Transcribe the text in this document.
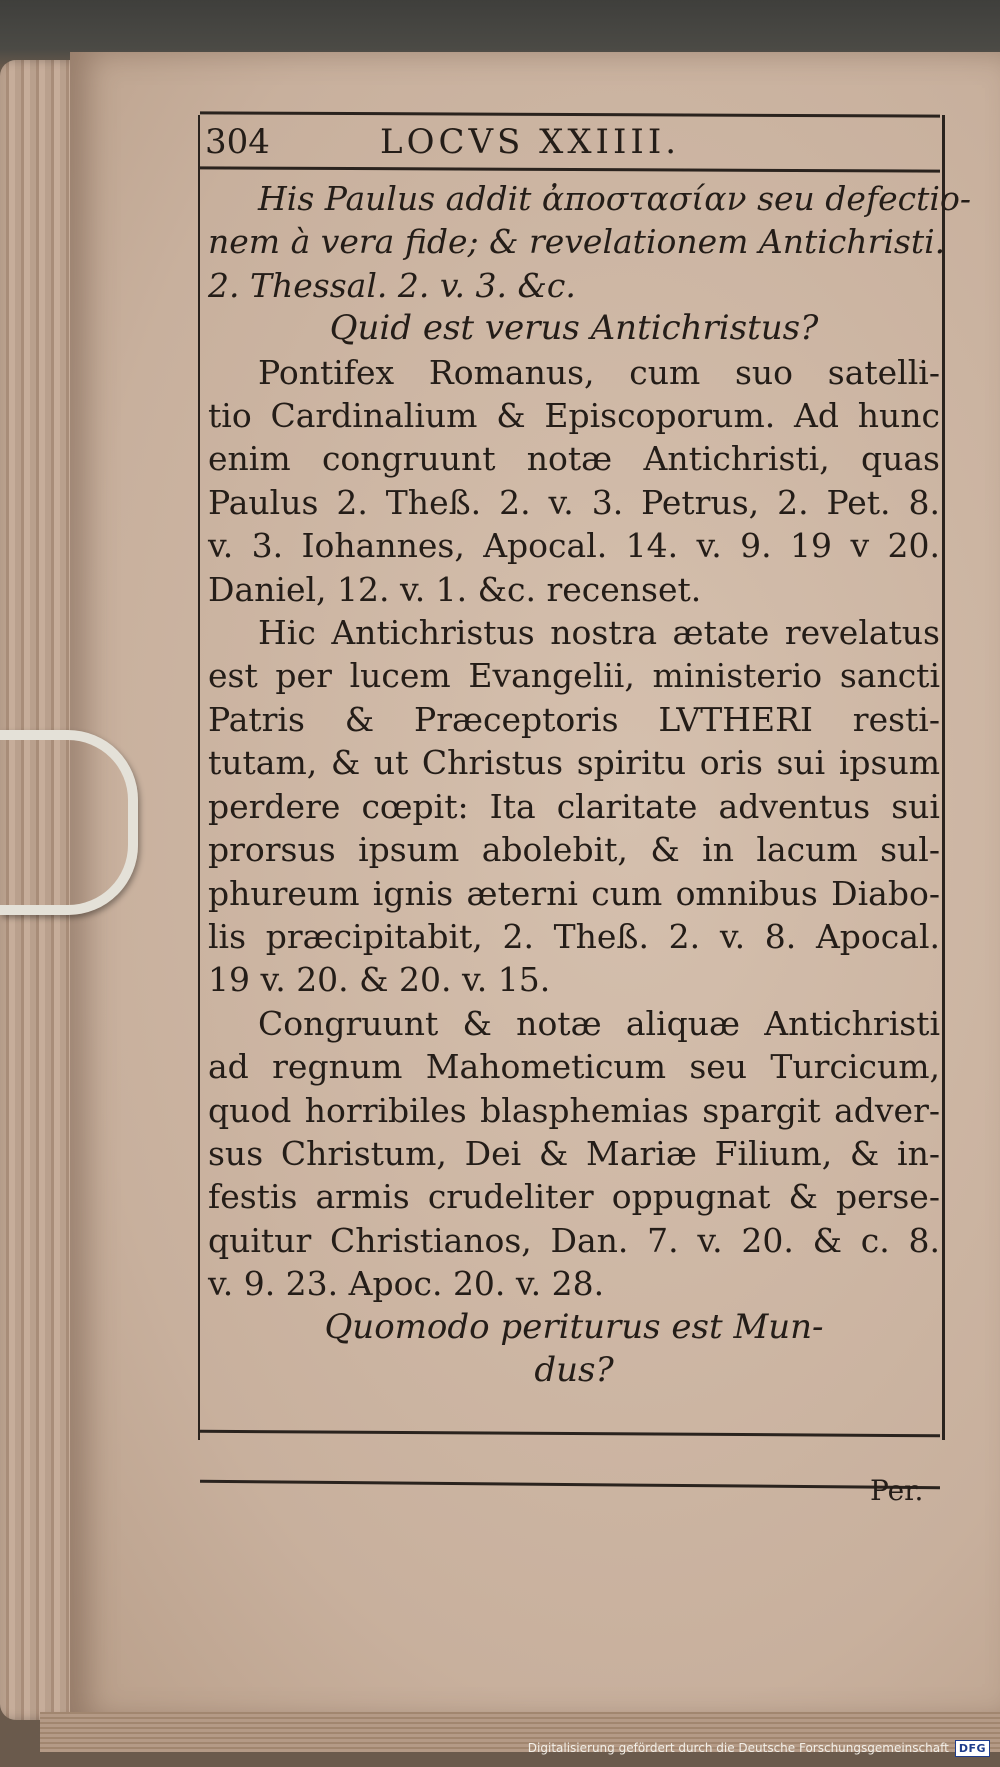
304	LOCVS XXIIII.
His Paulus addit ἀποστασίαν seu defectio-
nem à vera fide; & revelationem Antichristi.
2. Thessal. 2. v. 3. &c.
Quid est verus Antichristus?
Pontifex Romanus, cum suo satelli-
tio Cardinalium & Episcoporum. Ad hunc
enim congruunt notæ Antichristi, quas
Paulus 2. Theß. 2. v. 3. Petrus, 2. Pet. 8.
v. 3. Iohannes, Apocal. 14. v. 9. 19 v 20.
Daniel, 12. v. 1. &c. recenset.
Hic Antichristus nostra ætate revelatus
est per lucem Evangelii, ministerio sancti
Patris & Præceptoris LVTHERI resti-
tutam, & ut Christus spiritu oris sui ipsum
perdere cœpit: Ita claritate adventus sui
prorsus ipsum abolebit, & in lacum sul-
phureum ignis æterni cum omnibus Diabo-
lis præcipitabit, 2. Theß. 2. v. 8. Apocal.
19 v. 20. & 20. v. 15.
Congruunt & notæ aliquæ Antichristi
ad regnum Mahometicum seu Turcicum,
quod horribiles blasphemias spargit adver-
sus Christum, Dei & Mariæ Filium, & in-
festis armis crudeliter oppugnat & perse-
quitur Christianos, Dan. 7. v. 20. & c. 8.
v. 9. 23. Apoc. 20. v. 28.
Quomodo periturus est Mun-
dus?
Per.
Digitalisierung gefördert durch die Deutsche Forschungsgemeinschaft DFG
